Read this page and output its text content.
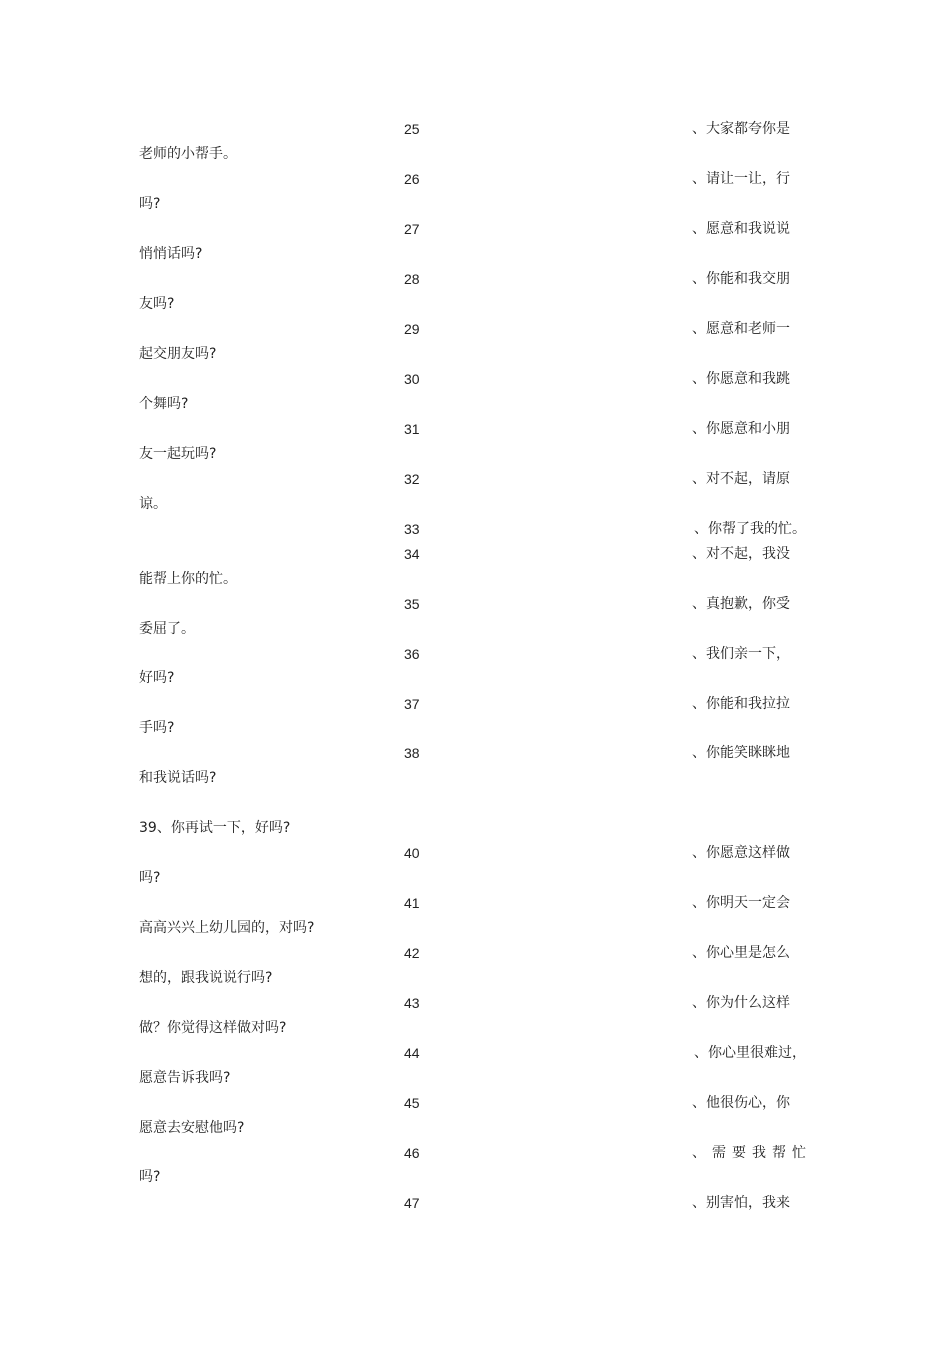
25	、大家都夸你是
老师的小帮手。
26	、请让一让，行
吗?
27	、愿意和我说说
悄悄话吗?
28	、你能和我交朋
友吗?
29	、愿意和老师一
起交朋友吗?
30	、你愿意和我跳
个舞吗?
31	、你愿意和小朋
友一起玩吗?
32	、对不起，请原
谅。
33	、你帮了我的忙。
34	、对不起，我没
能帮上你的忙。
35	、真抱歉，你受
委屈了。
36	、我们亲一下，
好吗?
37	、你能和我拉拉
手吗?
38	、你能笑眯眯地
和我说话吗?
39、你再试一下，好吗?
40	、你愿意这样做
吗?
41	、你明天一定会
高高兴兴上幼儿园的，对吗?
42	、你心里是怎么
想的，跟我说说行吗?
43	、你为什么这样
做？你觉得这样做对吗?
44	、你心里很难过，
愿意告诉我吗?
45	、他很伤心，你
愿意去安慰他吗?
46	、需要我帮忙
吗?
47	、别害怕，我来
